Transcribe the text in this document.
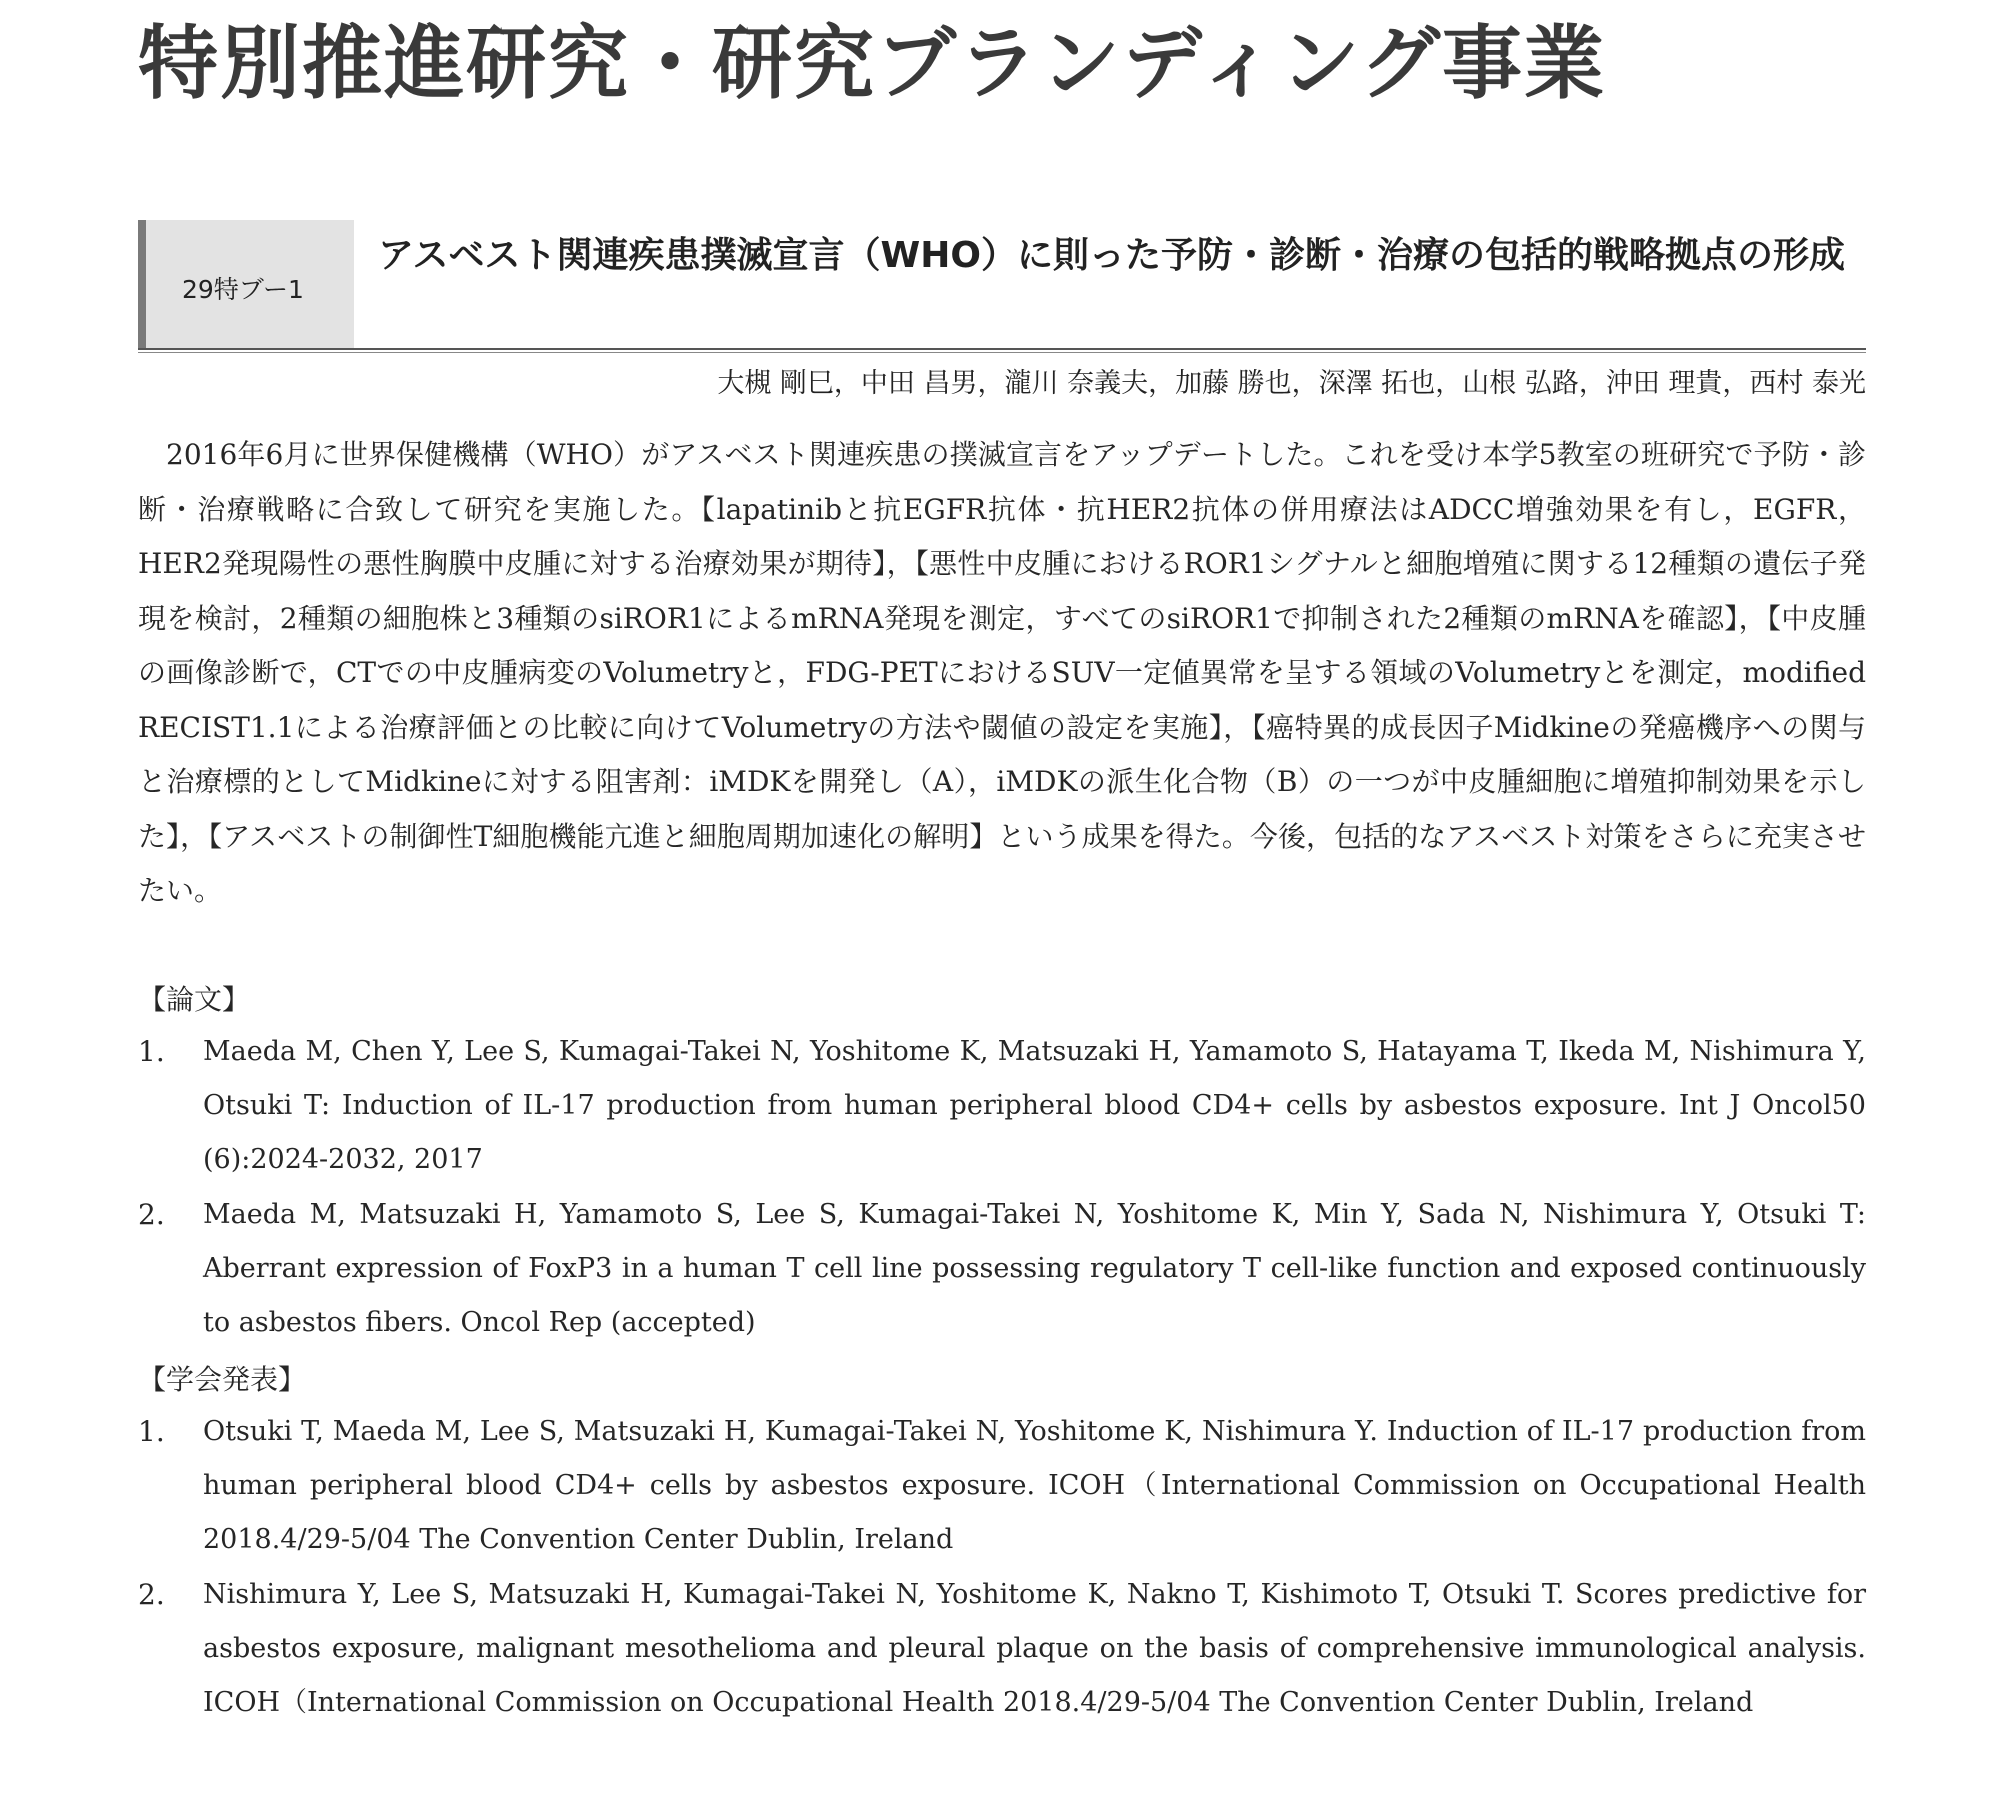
特別推進研究・研究ブランディング事業
29特ブー1
アスベスト関連疾患撲滅宣言（WHO）に則った予防・診断・治療の包括的戦略拠点の形成
大槻 剛巳，中田 昌男，瀧川 奈義夫，加藤 勝也，深澤 拓也，山根 弘路，沖田 理貴，西村 泰光

2016年6月に世界保健機構（WHO）がアスベスト関連疾患の撲滅宣言をアップデートした。これを受け本学5教室の班研究で予防・診断・治療戦略に合致して研究を実施した。【lapatinibと抗EGFR抗体・抗HER2抗体の併用療法はADCC増強効果を有し，EGFR，HER2発現陽性の悪性胸膜中皮腫に対する治療効果が期待】，【悪性中皮腫におけるROR1シグナルと細胞増殖に関する12種類の遺伝子発現を検討，2種類の細胞株と3種類のsiROR1によるmRNA発現を測定，すべてのsiROR1で抑制された2種類のmRNAを確認】，【中皮腫の画像診断で，CTでの中皮腫病変のVolumetryと，FDG-PETにおけるSUV一定値異常を呈する領域のVolumetryとを測定，modified RECIST1.1による治療評価との比較に向けてVolumetryの方法や閾値の設定を実施】，【癌特異的成長因子Midkineの発癌機序への関与と治療標的としてMidkineに対する阻害剤：iMDKを開発し（A），iMDKの派生化合物（B）の一つが中皮腫細胞に増殖抑制効果を示した】，【アスベストの制御性T細胞機能亢進と細胞周期加速化の解明】という成果を得た。今後，包括的なアスベスト対策をさらに充実させたい。

【論文】
1. Maeda M, Chen Y, Lee S, Kumagai-Takei N, Yoshitome K, Matsuzaki H, Yamamoto S, Hatayama T, Ikeda M, Nishimura Y, Otsuki T: Induction of IL-17 production from human peripheral blood CD4+ cells by asbestos exposure. Int J Oncol50 (6):2024-2032, 2017

2. Maeda M, Matsuzaki H, Yamamoto S, Lee S, Kumagai-Takei N, Yoshitome K, Min Y, Sada N, Nishimura Y, Otsuki T: Aberrant expression of FoxP3 in a human T cell line possessing regulatory T cell-like function and exposed continuously to asbestos fibers. Oncol Rep (accepted)

【学会発表】
1. Otsuki T, Maeda M, Lee S, Matsuzaki H, Kumagai-Takei N, Yoshitome K, Nishimura Y. Induction of IL-17 production from human peripheral blood CD4+ cells by asbestos exposure. ICOH（International Commission on Occupational Health 2018.4/29-5/04 The Convention Center Dublin, Ireland

2. Nishimura Y, Lee S, Matsuzaki H, Kumagai-Takei N, Yoshitome K, Nakno T, Kishimoto T, Otsuki T. Scores predictive for asbestos exposure, malignant mesothelioma and pleural plaque on the basis of comprehensive immunological analysis. ICOH（International Commission on Occupational Health 2018.4/29-5/04 The Convention Center Dublin, Ireland
